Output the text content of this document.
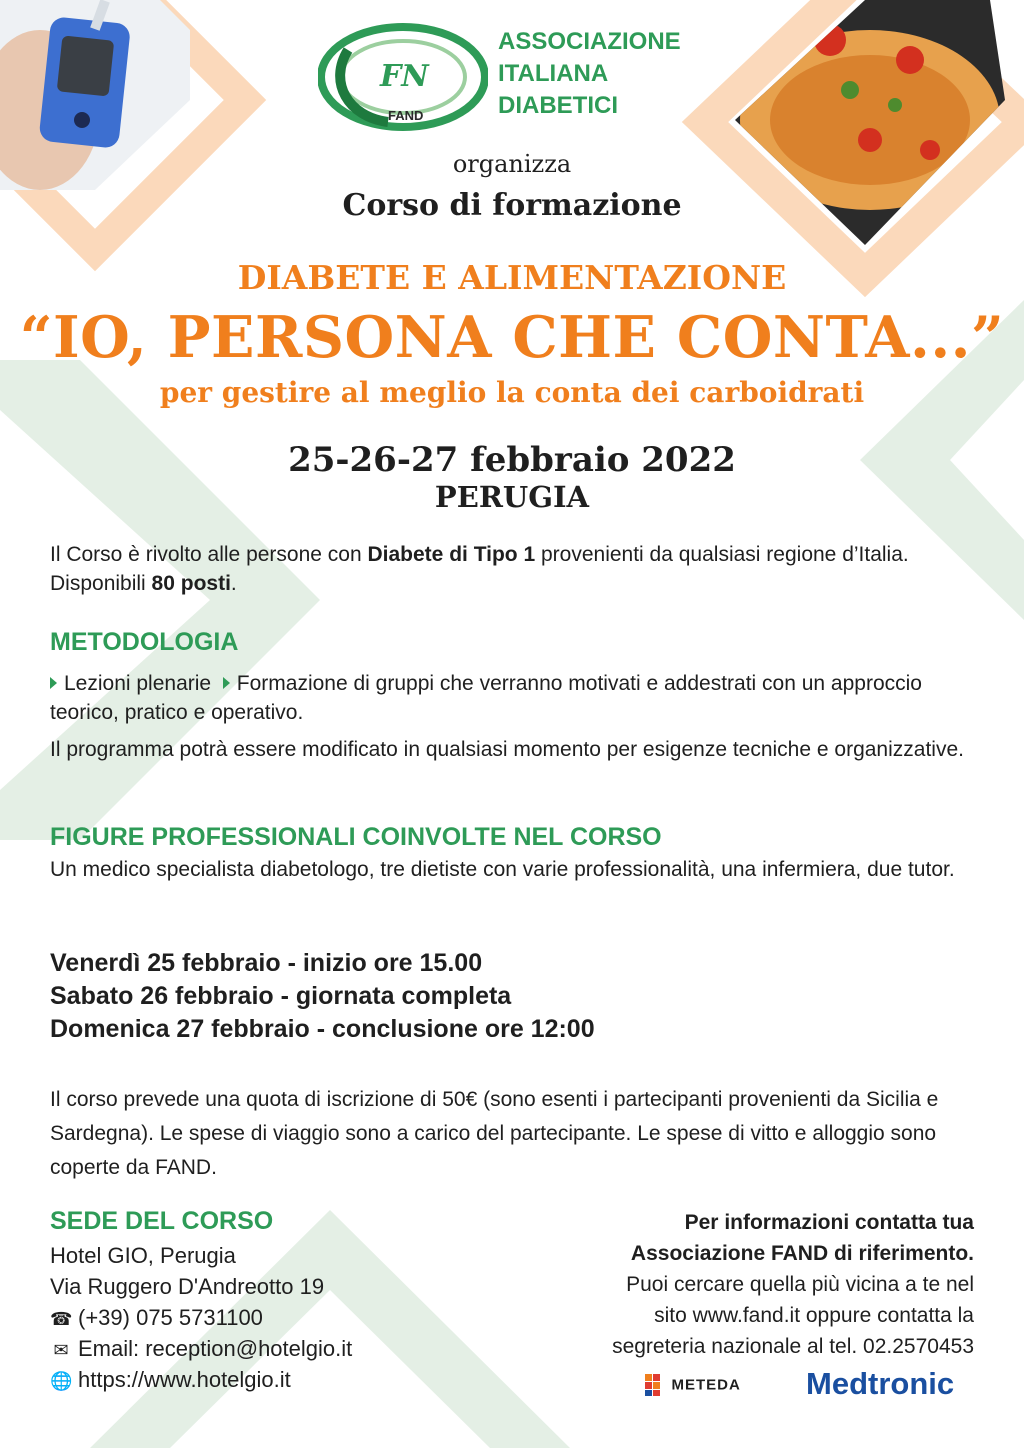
FN
FAND
ASSOCIAZIONE
ITALIANA
DIABETICI
organizza
Corso di formazione
DIABETE E ALIMENTAZIONE
“IO, PERSONA CHE CONTA...”
per gestire al meglio la conta dei carboidrati
25-26-27 febbraio 2022
PERUGIA
Il Corso è rivolto alle persone con Diabete di Tipo 1 provenienti da qualsiasi regione d’Italia. Disponibili 80 posti.
METODOLOGIA
Lezioni plenarie Formazione di gruppi che verranno motivati e addestrati con un approccio teorico, pratico e operativo.
Il programma potrà essere modificato in qualsiasi momento per esigenze tecniche e organizzative.
FIGURE PROFESSIONALI COINVOLTE NEL CORSO
Un medico specialista diabetologo, tre dietiste con varie professionalità, una infermiera, due tutor.
Venerdì 25 febbraio - inizio ore 15.00
Sabato 26 febbraio - giornata completa
Domenica 27 febbraio - conclusione ore 12:00
Il corso prevede una quota di iscrizione di 50€ (sono esenti i partecipanti provenienti da Sicilia e Sardegna). Le spese di viaggio sono a carico del partecipante. Le spese di vitto e alloggio sono coperte da FAND.
SEDE DEL CORSO
Hotel GIO, Perugia
Via Ruggero D'Andreotto 19
☎ (+39) 075 5731100
✉ Email: reception@hotelgio.it
🌐 https://www.hotelgio.it
Per informazioni contatta tua
Associazione FAND di riferimento.
Puoi cercare quella più vicina a te nel
sito www.fand.it oppure contatta la
segreteria nazionale al tel. 02.2570453
METEDA Medtronic
